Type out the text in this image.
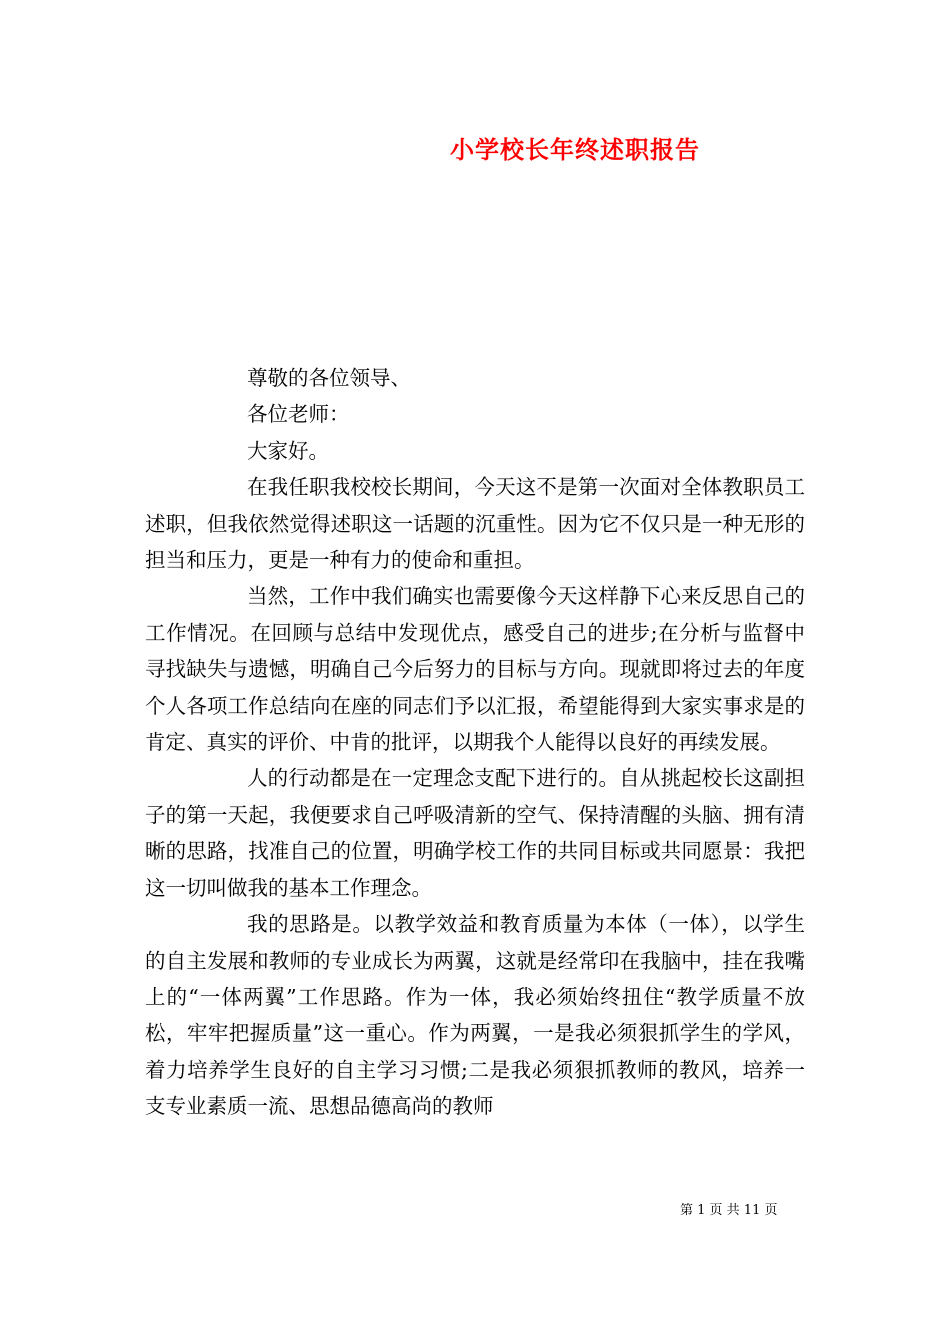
小学校长年终述职报告

尊敬的各位领导、

各位老师：

大家好。

在我任职我校校长期间，今天这不是第一次面对全体教职员工述职，但我依然觉得述职这一话题的沉重性。因为它不仅只是一种无形的担当和压力，更是一种有力的使命和重担。

当然，工作中我们确实也需要像今天这样静下心来反思自己的工作情况。在回顾与总结中发现优点，感受自己的进步;在分析与监督中寻找缺失与遗憾，明确自己今后努力的目标与方向。现就即将过去的年度个人各项工作总结向在座的同志们予以汇报，希望能得到大家实事求是的肯定、真实的评价、中肯的批评，以期我个人能得以良好的再续发展。

人的行动都是在一定理念支配下进行的。自从挑起校长这副担子的第一天起，我便要求自己呼吸清新的空气、保持清醒的头脑、拥有清晰的思路，找准自己的位置，明确学校工作的共同目标或共同愿景：我把这一切叫做我的基本工作理念。

我的思路是。以教学效益和教育质量为本体（一体），以学生的自主发展和教师的专业成长为两翼，这就是经常印在我脑中，挂在我嘴上的“一体两翼”工作思路。作为一体，我必须始终扭住“教学质量不放松，牢牢把握质量”这一重心。作为两翼，一是我必须狠抓学生的学风，着力培养学生良好的自主学习习惯;二是我必须狠抓教师的教风，培养一支专业素质一流、思想品德高尚的教师

第 1 页 共 11 页
